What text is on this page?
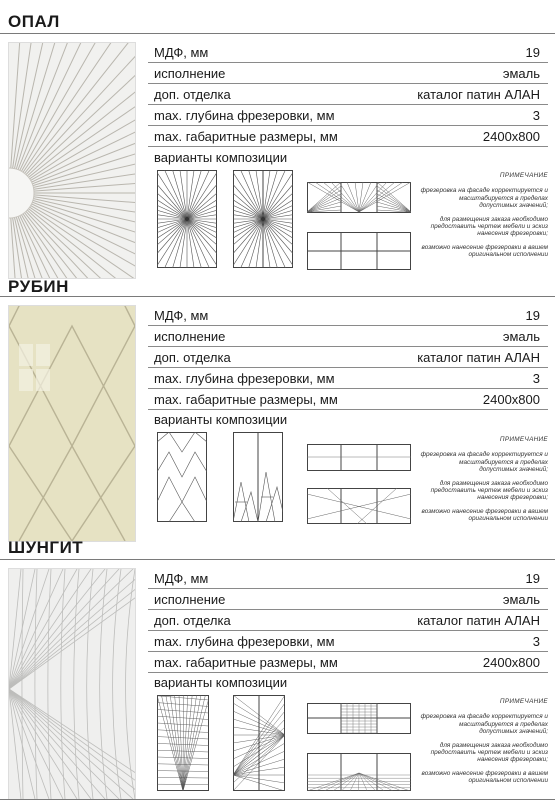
ОПАЛ
МДФ, мм	19
исполнение	эмаль
доп. отделка	каталог патин АЛАН
max. глубина фрезеровки, мм	3
max. габаритные размеры, мм	2400x800
варианты композиции
ПРИМЕЧАНИЕ

фрезеровка на фасаде корректируется и масштабируется в пределах допустимых значений;

для размещения заказа необходимо предоставить чертеж мебели и эскиз нанесения фрезеровки;

возможно нанесение фрезеровки в вашем оригинальном исполнении

РУБИН
МДФ, мм	19
исполнение	эмаль
доп. отделка	каталог патин АЛАН
max. глубина фрезеровки, мм	3
max. габаритные размеры, мм	2400x800
варианты композиции
ПРИМЕЧАНИЕ

фрезеровка на фасаде корректируется и масштабируется в пределах допустимых значений;

для размещения заказа необходимо предоставить чертеж мебели и эскиз нанесения фрезеровки;

возможно нанесение фрезеровки в вашем оригинальном исполнении

ШУНГИТ
МДФ, мм	19
исполнение	эмаль
доп. отделка	каталог патин АЛАН
max. глубина фрезеровки, мм	3
max. габаритные размеры, мм	2400x800
варианты композиции
ПРИМЕЧАНИЕ

фрезеровка на фасаде корректируется и масштабируется в пределах допустимых значений;

для размещения заказа необходимо предоставить чертеж мебели и эскиз нанесения фрезеровки;

возможно нанесение фрезеровки в вашем оригинальном исполнении
